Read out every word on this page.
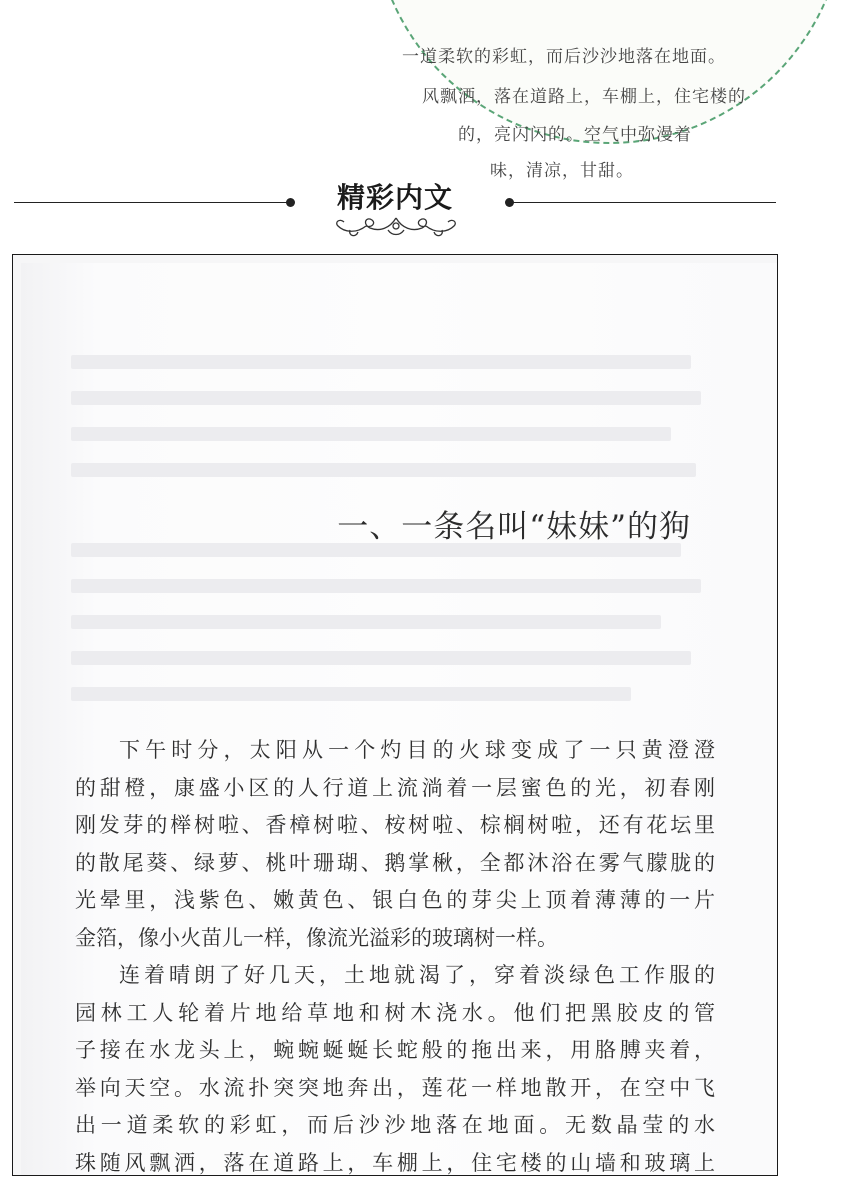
一道柔软的彩虹，而后沙沙地落在地面。
风飘洒，落在道路上，车棚上，住宅楼的
的，亮闪闪的。空气中弥漫着
味，清凉，甘甜。
精彩内文
一、一条名叫“妹妹”的狗
下午时分，太阳从一个灼目的火球变成了一只黄澄澄
的甜橙，康盛小区的人行道上流淌着一层蜜色的光，初春刚
刚发芽的榉树啦、香樟树啦、桉树啦、棕榈树啦，还有花坛里
的散尾葵、绿萝、桃叶珊瑚、鹅掌楸，全都沐浴在雾气朦胧的
光晕里，浅紫色、嫩黄色、银白色的芽尖上顶着薄薄的一片
金箔，像小火苗儿一样，像流光溢彩的玻璃树一样。
连着晴朗了好几天，土地就渴了，穿着淡绿色工作服的
园林工人轮着片地给草地和树木浇水。他们把黑胶皮的管
子接在水龙头上，蜿蜿蜒蜒长蛇般的拖出来，用胳膊夹着，
举向天空。水流扑突突地奔出，莲花一样地散开，在空中飞
出一道柔软的彩虹，而后沙沙地落在地面。无数晶莹的水
珠随风飘洒，落在道路上，车棚上，住宅楼的山墙和玻璃上
